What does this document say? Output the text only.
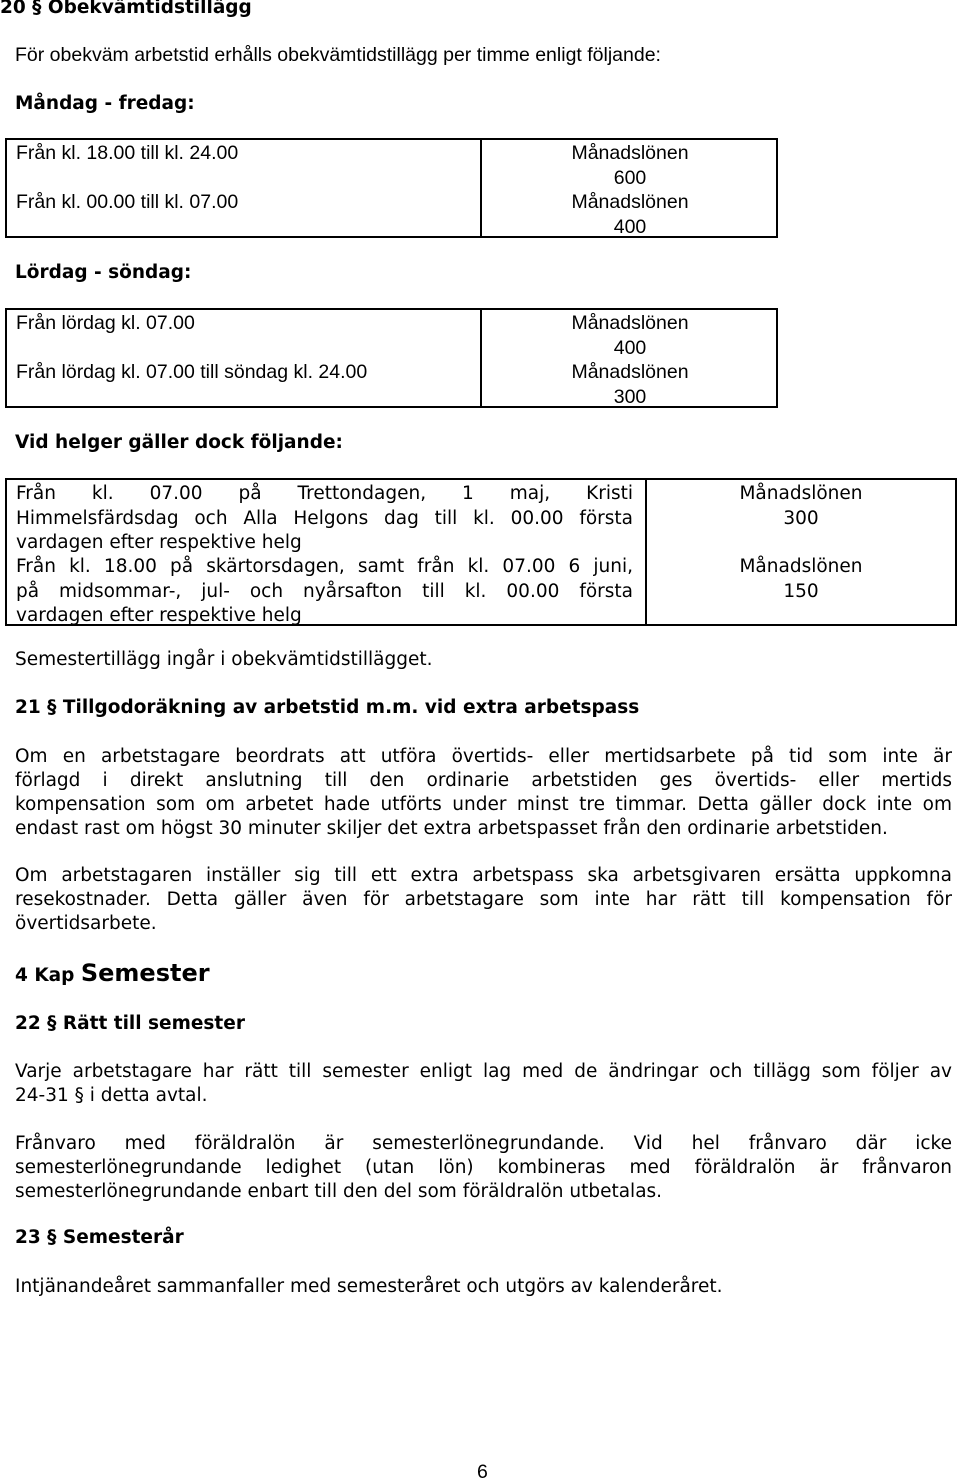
20 § Obekvämtidstillägg
För obekväm arbetstid erhålls obekvämtidstillägg per timme enligt följande:
Måndag - fredag:
Från kl. 18.00 till kl. 24.00
Från kl. 00.00 till kl. 07.00
Månadslönen
600
Månadslönen
400
Lördag - söndag:
Från lördag kl. 07.00
Från lördag kl. 07.00 till söndag kl. 24.00
Månadslönen
400
Månadslönen
300
Vid helger gäller dock följande:
Från kl. 07.00 på Trettondagen, 1 maj, Kristi
Himmelsfärdsdag och Alla Helgons dag till kl. 00.00 första
vardagen efter respektive helg
Från kl. 18.00 på skärtorsdagen, samt från kl. 07.00 6 juni,
på midsommar-, jul- och nyårsafton till kl. 00.00 första
vardagen efter respektive helg
Månadslönen
300
Månadslönen
150
Semestertillägg ingår i obekvämtidstillägget.
21 § Tillgodoräkning av arbetstid m.m. vid extra arbetspass
Om en arbetstagare beordrats att utföra övertids- eller mertidsarbete på tid som inte är
förlagd i direkt anslutning till den ordinarie arbetstiden ges övertids- eller mertids
kompensation som om arbetet hade utförts under minst tre timmar. Detta gäller dock inte om
endast rast om högst 30 minuter skiljer det extra arbetspasset från den ordinarie arbetstiden.
Om arbetstagaren inställer sig till ett extra arbetspass ska arbetsgivaren ersätta uppkomna
resekostnader. Detta gäller även för arbetstagare som inte har rätt till kompensation för
övertidsarbete.
4 Kap Semester
22 § Rätt till semester
Varje arbetstagare har rätt till semester enligt lag med de ändringar och tillägg som följer av
24-31 § i detta avtal.
Frånvaro med föräldralön är semesterlönegrundande. Vid hel frånvaro där icke
semesterlönegrundande ledighet (utan lön) kombineras med föräldralön är frånvaron
semesterlönegrundande enbart till den del som föräldralön utbetalas.
23 § Semesterår
Intjänandeåret sammanfaller med semesteråret och utgörs av kalenderåret.
6
